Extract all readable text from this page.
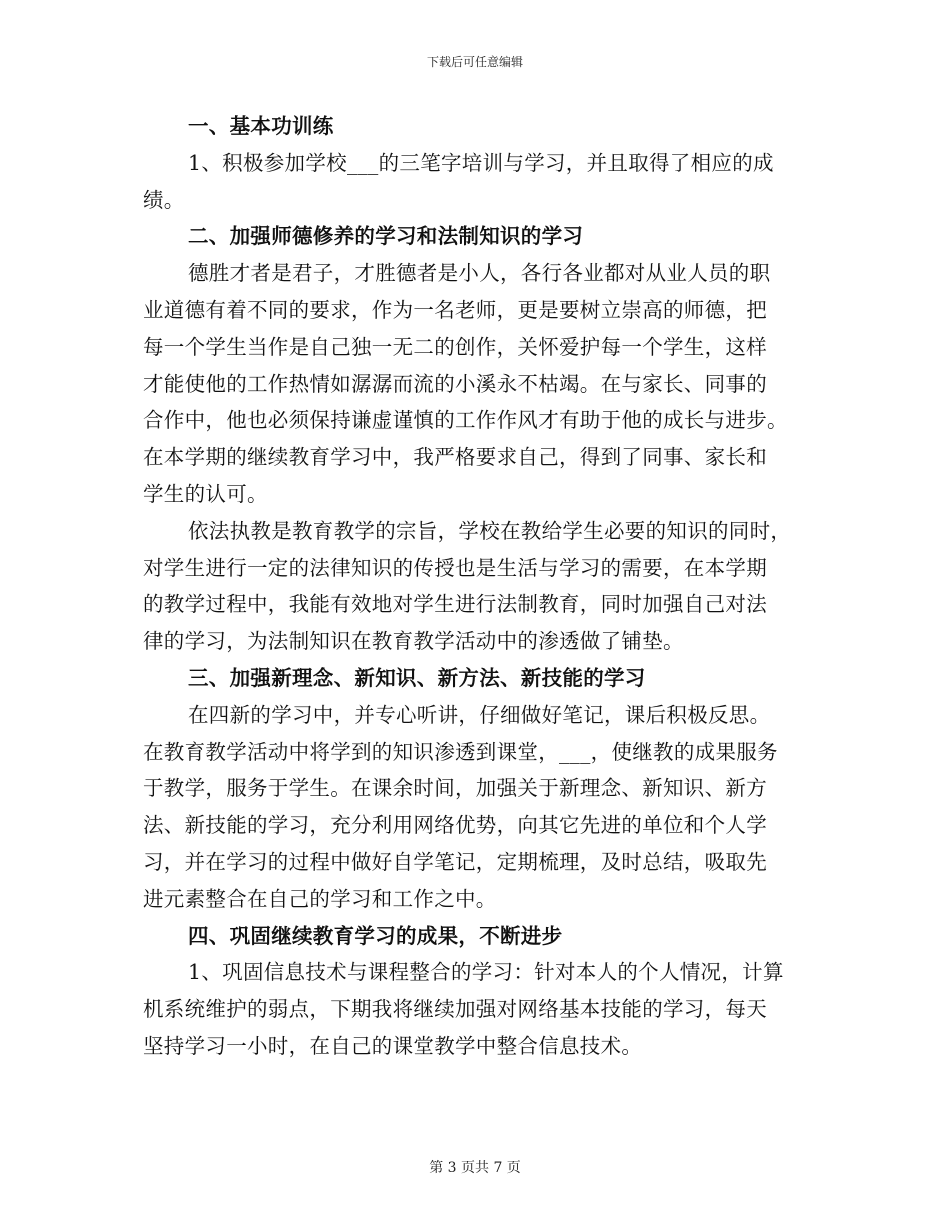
下载后可任意编辑
一、基本功训练
1、积极参加学校___的三笔字培训与学习，并且取得了相应的成
绩。
二、加强师德修养的学习和法制知识的学习
德胜才者是君子，才胜德者是小人，各行各业都对从业人员的职
业道德有着不同的要求，作为一名老师，更是要树立崇高的师德，把
每一个学生当作是自己独一无二的创作，关怀爱护每一个学生，这样
才能使他的工作热情如潺潺而流的小溪永不枯竭。在与家长、同事的
合作中，他也必须保持谦虚谨慎的工作作风才有助于他的成长与进步。
在本学期的继续教育学习中，我严格要求自己，得到了同事、家长和
学生的认可。
依法执教是教育教学的宗旨，学校在教给学生必要的知识的同时，
对学生进行一定的法律知识的传授也是生活与学习的需要，在本学期
的教学过程中，我能有效地对学生进行法制教育，同时加强自己对法
律的学习，为法制知识在教育教学活动中的渗透做了铺垫。
三、加强新理念、新知识、新方法、新技能的学习
在四新的学习中，并专心听讲，仔细做好笔记，课后积极反思。
在教育教学活动中将学到的知识渗透到课堂，___，使继教的成果服务
于教学，服务于学生。在课余时间，加强关于新理念、新知识、新方
法、新技能的学习，充分利用网络优势，向其它先进的单位和个人学
习，并在学习的过程中做好自学笔记，定期梳理，及时总结，吸取先
进元素整合在自己的学习和工作之中。
四、巩固继续教育学习的成果，不断进步
1、巩固信息技术与课程整合的学习：针对本人的个人情况，计算
机系统维护的弱点，下期我将继续加强对网络基本技能的学习，每天
坚持学习一小时，在自己的课堂教学中整合信息技术。
第 3 页共 7 页
